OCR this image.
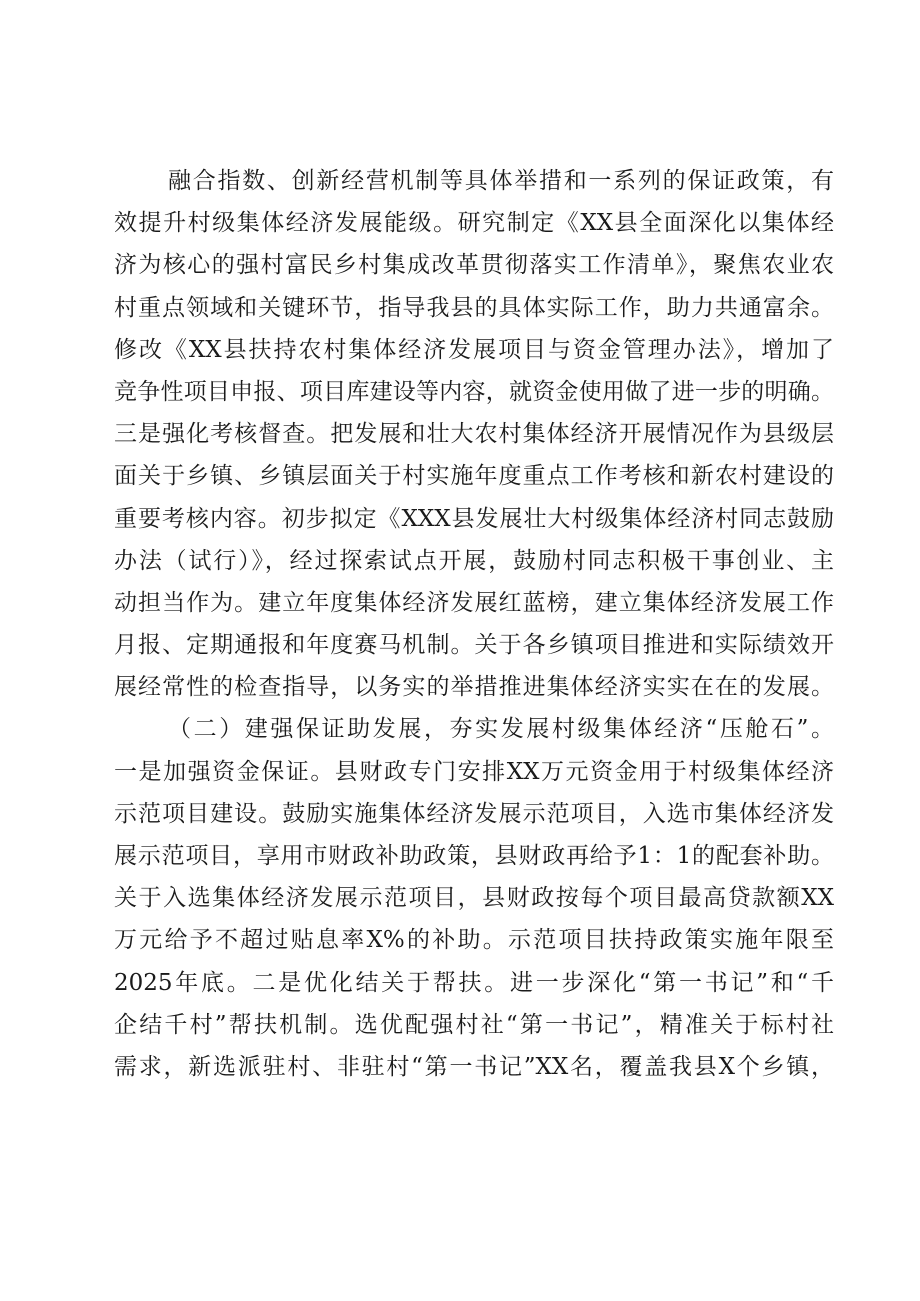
融合指数、创新经营机制等具体举措和一系列的保证政策，有
效提升村级集体经济发展能级。研究制定《XX县全面深化以集体经
济为核心的强村富民乡村集成改革贯彻落实工作清单》，聚焦农业农
村重点领域和关键环节，指导我县的具体实际工作，助力共通富余。
修改《XX县扶持农村集体经济发展项目与资金管理办法》，增加了
竞争性项目申报、项目库建设等内容，就资金使用做了进一步的明确。
三是强化考核督查。把发展和壮大农村集体经济开展情况作为县级层
面关于乡镇、乡镇层面关于村实施年度重点工作考核和新农村建设的
重要考核内容。初步拟定《XXX县发展壮大村级集体经济村同志鼓励
办法（试行）》，经过探索试点开展，鼓励村同志积极干事创业、主
动担当作为。建立年度集体经济发展红蓝榜，建立集体经济发展工作
月报、定期通报和年度赛马机制。关于各乡镇项目推进和实际绩效开
展经常性的检查指导，以务实的举措推进集体经济实实在在的发展。
（二）建强保证助发展，夯实发展村级集体经济“压舱石”。
一是加强资金保证。县财政专门安排XX万元资金用于村级集体经济
示范项目建设。鼓励实施集体经济发展示范项目，入选市集体经济发
展示范项目，享用市财政补助政策，县财政再给予1：1的配套补助。
关于入选集体经济发展示范项目，县财政按每个项目最高贷款额XX
万元给予不超过贴息率X%的补助。示范项目扶持政策实施年限至
2025年底。二是优化结关于帮扶。进一步深化“第一书记”和“千
企结千村”帮扶机制。选优配强村社“第一书记”，精准关于标村社
需求，新选派驻村、非驻村“第一书记”XX名，覆盖我县X个乡镇，
